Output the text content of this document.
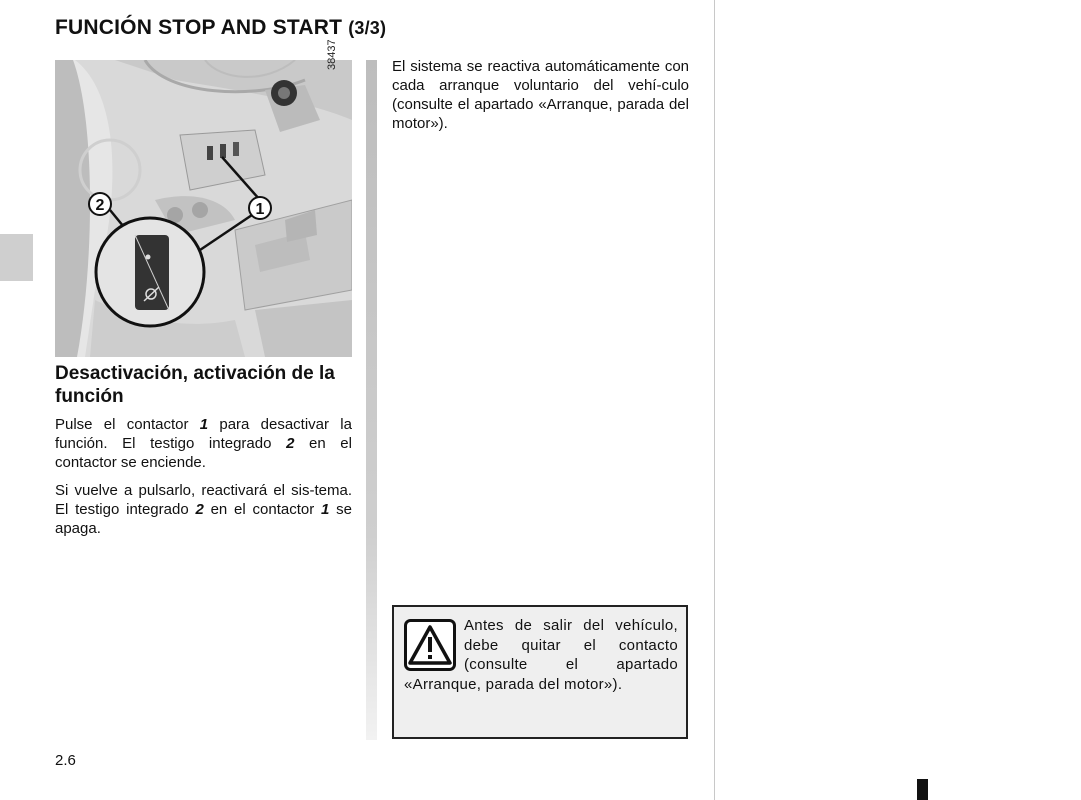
FUNCIÓN STOP AND START (3/3)
2	1
38437
Desactivación, activación de la función

Pulse el contactor 1 para desactivar la función. El testigo integrado 2 en el contactor se enciende.

Si vuelve a pulsarlo, reactivará el sis-tema. El testigo integrado 2 en el contactor 1 se apaga.

El sistema se reactiva automáticamente con cada arranque voluntario del vehí-culo (consulte el apartado «Arranque, parada del motor»).

Antes de salir del vehículo, debe quitar el contacto (consulte el apartado «Arranque, parada del motor»).

2.6
